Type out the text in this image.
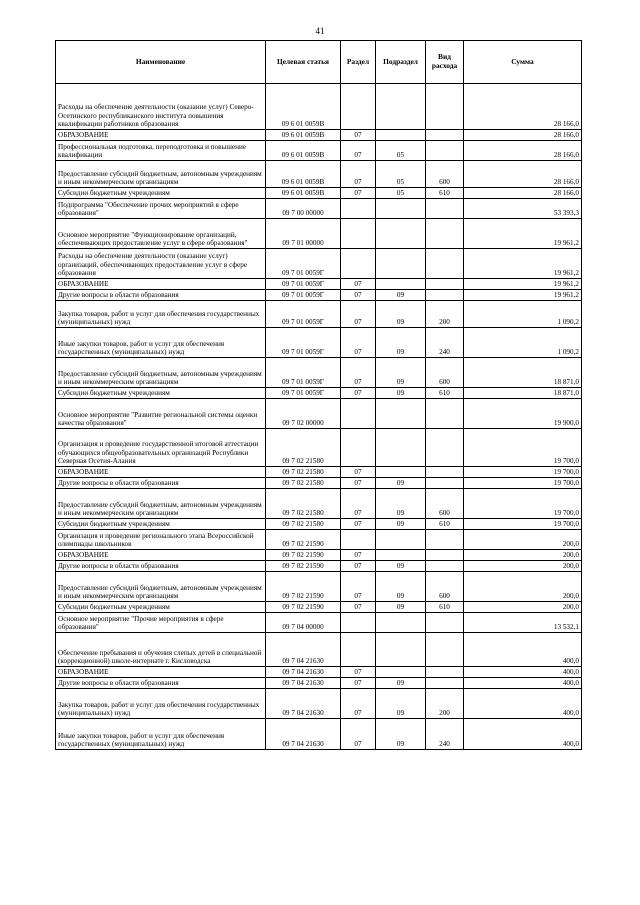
41
Наименование	Целевая статья	Раздел	Подраздел	Вид расхода	Сумма
Расходы на обеспечение деятельности (оказание услуг) Северо-Осетинского республиканского института повышения квалификации работников образования	09 6 01 0059В				28 166,0
ОБРАЗОВАНИЕ	09 6 01 0059В	07			28 166,0
Профессиональная подготовка, переподготовка и повышение квалификации	09 6 01 0059В	07	05		28 166,0
Предоставление субсидий бюджетным, автономным учреждениям и иным некоммерческим организациям	09 6 01 0059В	07	05	600	28 166,0
Субсидии бюджетным учреждениям	09 6 01 0059В	07	05	610	28 166,0
Подпрограмма "Обеспечение прочих мероприятий в сфере образования"	09 7 00 00000				53 393,3
Основное мероприятие "Функционирование организаций, обеспечивающих предоставление услуг в сфере образования"	09 7 01 00000				19 961,2
Расходы на обеспечение деятельности (оказание услуг) организаций, обеспечивающих предоставление услуг в сфере образования	09 7 01 0059Г				19 961,2
ОБРАЗОВАНИЕ	09 7 01 0059Г	07			19 961,2
Другие вопросы в области образования	09 7 01 0059Г	07	09		19 961,2
Закупка товаров, работ и услуг для обеспечения государственных (муниципальных) нужд	09 7 01 0059Г	07	09	200	1 090,2
Иные закупки товаров, работ и услуг для обеспечения государственных (муниципальных) нужд	09 7 01 0059Г	07	09	240	1 090,2
Предоставление субсидий бюджетным, автономным учреждениям и иным некоммерческим организациям	09 7 01 0059Г	07	09	600	18 871,0
Субсидии бюджетным учреждениям	09 7 01 0059Г	07	09	610	18 871,0
Основное мероприятие "Развитие региональной системы оценки качества образования"	09 7 02 00000				19 900,0
Организация и проведение государственной итоговой аттестации обучающихся общеобразовательных организаций Республики Северная Осетия-Алания	09 7 02 21580				19 700,0
ОБРАЗОВАНИЕ	09 7 02 21580	07			19 700,0
Другие вопросы в области образования	09 7 02 21580	07	09		19 700,0
Предоставление субсидий бюджетным, автономным учреждениям и иным некоммерческим организациям	09 7 02 21580	07	09	600	19 700,0
Субсидии бюджетным учреждениям	09 7 02 21580	07	09	610	19 700,0
Организация и проведение регионального этапа Всероссийской олимпиады школьников	09 7 02 21590				200,0
ОБРАЗОВАНИЕ	09 7 02 21590	07			200,0
Другие вопросы в области образования	09 7 02 21590	07	09		200,0
Предоставление субсидий бюджетным, автономным учреждениям и иным некоммерческим организациям	09 7 02 21590	07	09	600	200,0
Субсидии бюджетным учреждениям	09 7 02 21590	07	09	610	200,0
Основное мероприятие "Прочие мероприятия в сфере образования"	09 7 04 00000				13 532,1
Обеспечение пребывания и обучения слепых детей в специальной (коррекционной) школе-интернате г. Кисловодска	09 7 04 21630				400,0
ОБРАЗОВАНИЕ	09 7 04 21630	07			400,0
Другие вопросы в области образования	09 7 04 21630	07	09		400,0
Закупка товаров, работ и услуг для обеспечения государственных (муниципальных) нужд	09 7 04 21630	07	09	200	400,0
Иные закупки товаров, работ и услуг для обеспечения государственных (муниципальных) нужд	09 7 04 21630	07	09	240	400,0
